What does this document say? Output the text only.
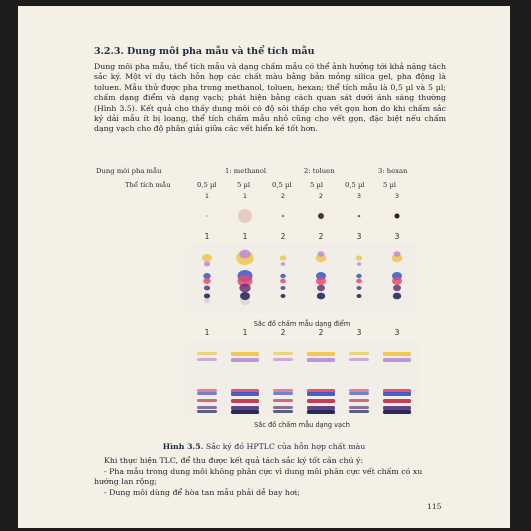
3.2.3. Dung môi pha mẫu và thể tích mẫu
Dung môi pha mẫu, thể tích mẫu và dạng chấm mẫu có thể ảnh hưởng tới khả năng tách sắc ký. Một ví dụ tách hỗn hợp các chất màu bằng bản mỏng silica gel, pha động là toluen. Mẫu thử được pha trong methanol, toluen, hexan; thể tích mẫu là 0,5 µl và 5 µl; chấm dạng điểm và dạng vạch; phát hiện bằng cách quan sát dưới ánh sáng thường (Hình 3.5). Kết quả cho thấy dung môi có độ sôi thấp cho vết gọn hơn do khi chấm sắc ký dải mẫu ít bị loang, thể tích chấm mẫu nhỏ cũng cho vết gọn, đặc biệt nếu chấm dạng vạch cho độ phân giải giữa các vết hiển kề tốt hơn.
Dung môi pha mẫu	1: methanol	2: toluen	3: hexan
Thể tích mẫu	0,5 µl	5 µl	0,5 µl	5 µl	0,5 µl	5 µl
1	1	2	2	3	3
1	1	2	2	3	3
Sắc đồ chấm mẫu dạng điểm
1	1	2	2	3	3
Sắc đồ chấm mẫu dạng vạch
Hình 3.5. Sắc ký đồ HPTLC của hỗn hợp chất màu

Khi thực hiện TLC, để thu được kết quả tách sắc ký tốt cần chú ý:

- Pha mẫu trong dung môi không phân cực vì dung môi phân cực vết chấm có xu hướng lan rộng;

- Dung môi dùng để hòa tan mẫu phải dễ bay hơi;

115
